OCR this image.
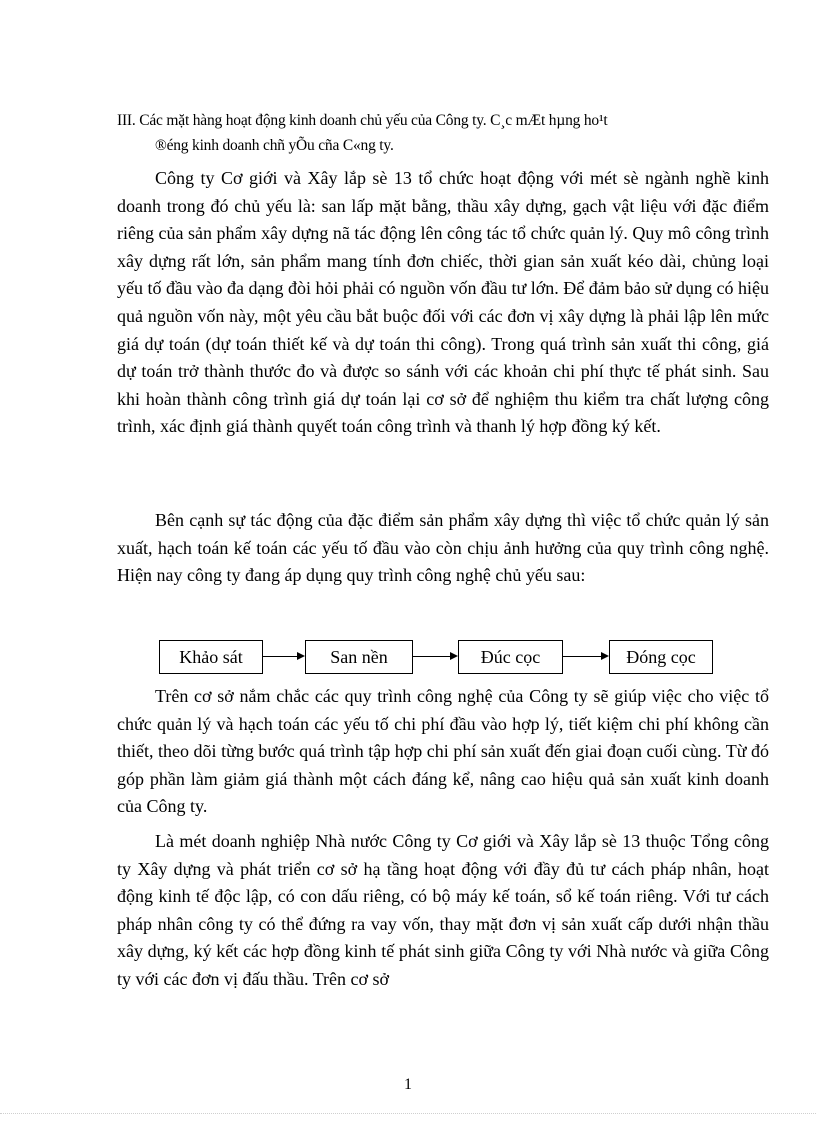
III. Các mặt hàng hoạt động kinh doanh chủ yếu của Công ty. C¸c mÆt hµng ho¹t
®éng kinh doanh chñ yÕu cña C«ng ty.

Công ty Cơ giới và Xây lắp sè 13 tổ chức hoạt động với mét sè ngành nghề kinh doanh trong đó chủ yếu là: san lấp mặt bằng, thầu xây dựng, gạch vật liệu với đặc điểm riêng của sản phẩm xây dựng nã tác động lên công tác tổ chức quản lý. Quy mô công trình xây dựng rất lớn, sản phẩm mang tính đơn chiếc, thời gian sản xuất kéo dài, chủng loại yếu tố đầu vào đa dạng đòi hỏi phải có nguồn vốn đầu tư lớn. Để đảm bảo sử dụng có hiệu quả nguồn vốn này, một yêu cầu bắt buộc đối với các đơn vị xây dựng là phải lập lên mức giá dự toán (dự toán thiết kế và dự toán thi công). Trong quá trình sản xuất thi công, giá dự toán trở thành thước đo và được so sánh với các khoản chi phí thực tế phát sinh. Sau khi hoàn thành công trình giá dự toán lại cơ sở để nghiệm thu kiểm tra chất lượng công trình, xác định giá thành quyết toán công trình và thanh lý hợp đồng ký kết.

Bên cạnh sự tác động của đặc điểm sản phẩm xây dựng thì việc tổ chức quản lý sản xuất, hạch toán kế toán các yếu tố đầu vào còn chịu ảnh hưởng của quy trình công nghệ. Hiện nay công ty đang áp dụng quy trình công nghệ chủ yếu sau:

Khảo sát	San nền	Đúc cọc	Đóng cọc

Trên cơ sở nắm chắc các quy trình công nghệ của Công ty sẽ giúp việc cho việc tổ chức quản lý và hạch toán các yếu tố chi phí đầu vào hợp lý, tiết kiệm chi phí không cần thiết, theo dõi từng bước quá trình tập hợp chi phí sản xuất đến giai đoạn cuối cùng. Từ đó góp phần làm giảm giá thành một cách đáng kể, nâng cao hiệu quả sản xuất kinh doanh của Công ty.

Là mét doanh nghiệp Nhà nước Công ty Cơ giới và Xây lắp sè 13 thuộc Tổng công ty Xây dựng và phát triển cơ sở hạ tầng hoạt động với đầy đủ tư cách pháp nhân, hoạt động kinh tế độc lập, có con dấu riêng, có bộ máy kế toán, sổ kế toán riêng. Với tư cách pháp nhân công ty có thể đứng ra vay vốn, thay mặt đơn vị sản xuất cấp dưới nhận thầu xây dựng, ký kết các hợp đồng kinh tế phát sinh giữa Công ty với Nhà nước và giữa Công ty với các đơn vị đấu thầu. Trên cơ sở

1
